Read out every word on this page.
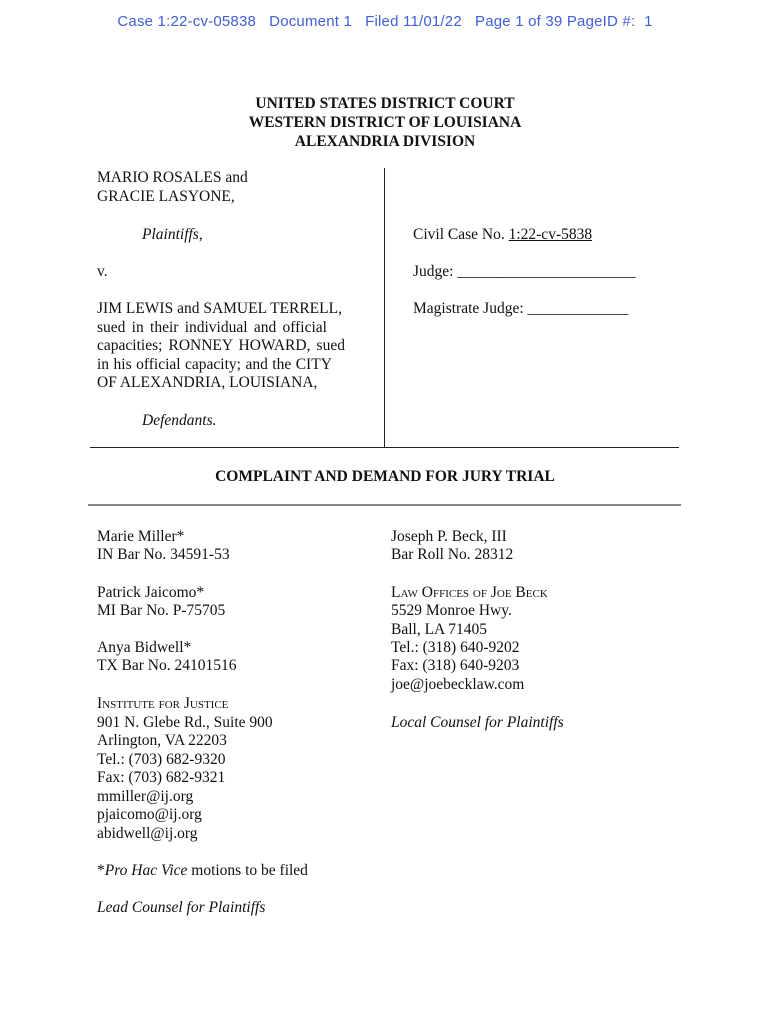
Case 1:22-cv-05838   Document 1   Filed 11/01/22   Page 1 of 39 PageID #:  1
UNITED STATES DISTRICT COURT
WESTERN DISTRICT OF LOUISIANA
ALEXANDRIA DIVISION
MARIO ROSALES and
GRACIE LASYONE,
Plaintiffs,
v.
JIM LEWIS and SAMUEL TERRELL,
sued in their individual and official
capacities; RONNEY HOWARD, sued
in his official capacity; and the CITY
OF ALEXANDRIA, LOUISIANA,
Defendants.
Civil Case No. 1:22-cv-5838
Judge: _______________________
Magistrate Judge: _____________
COMPLAINT AND DEMAND FOR JURY TRIAL
Marie Miller*
IN Bar No. 34591-53
Patrick Jaicomo*
MI Bar No. P-75705
Anya Bidwell*
TX Bar No. 24101516
Institute for Justice
901 N. Glebe Rd., Suite 900
Arlington, VA 22203
Tel.: (703) 682-9320
Fax: (703) 682-9321
mmiller@ij.org
pjaicomo@ij.org
abidwell@ij.org
*Pro Hac Vice motions to be filed
Lead Counsel for Plaintiffs
Joseph P. Beck, III
Bar Roll No. 28312
Law Offices of Joe Beck
5529 Monroe Hwy.
Ball, LA 71405
Tel.: (318) 640-9202
Fax: (318) 640-9203
joe@joebecklaw.com
Local Counsel for Plaintiffs
